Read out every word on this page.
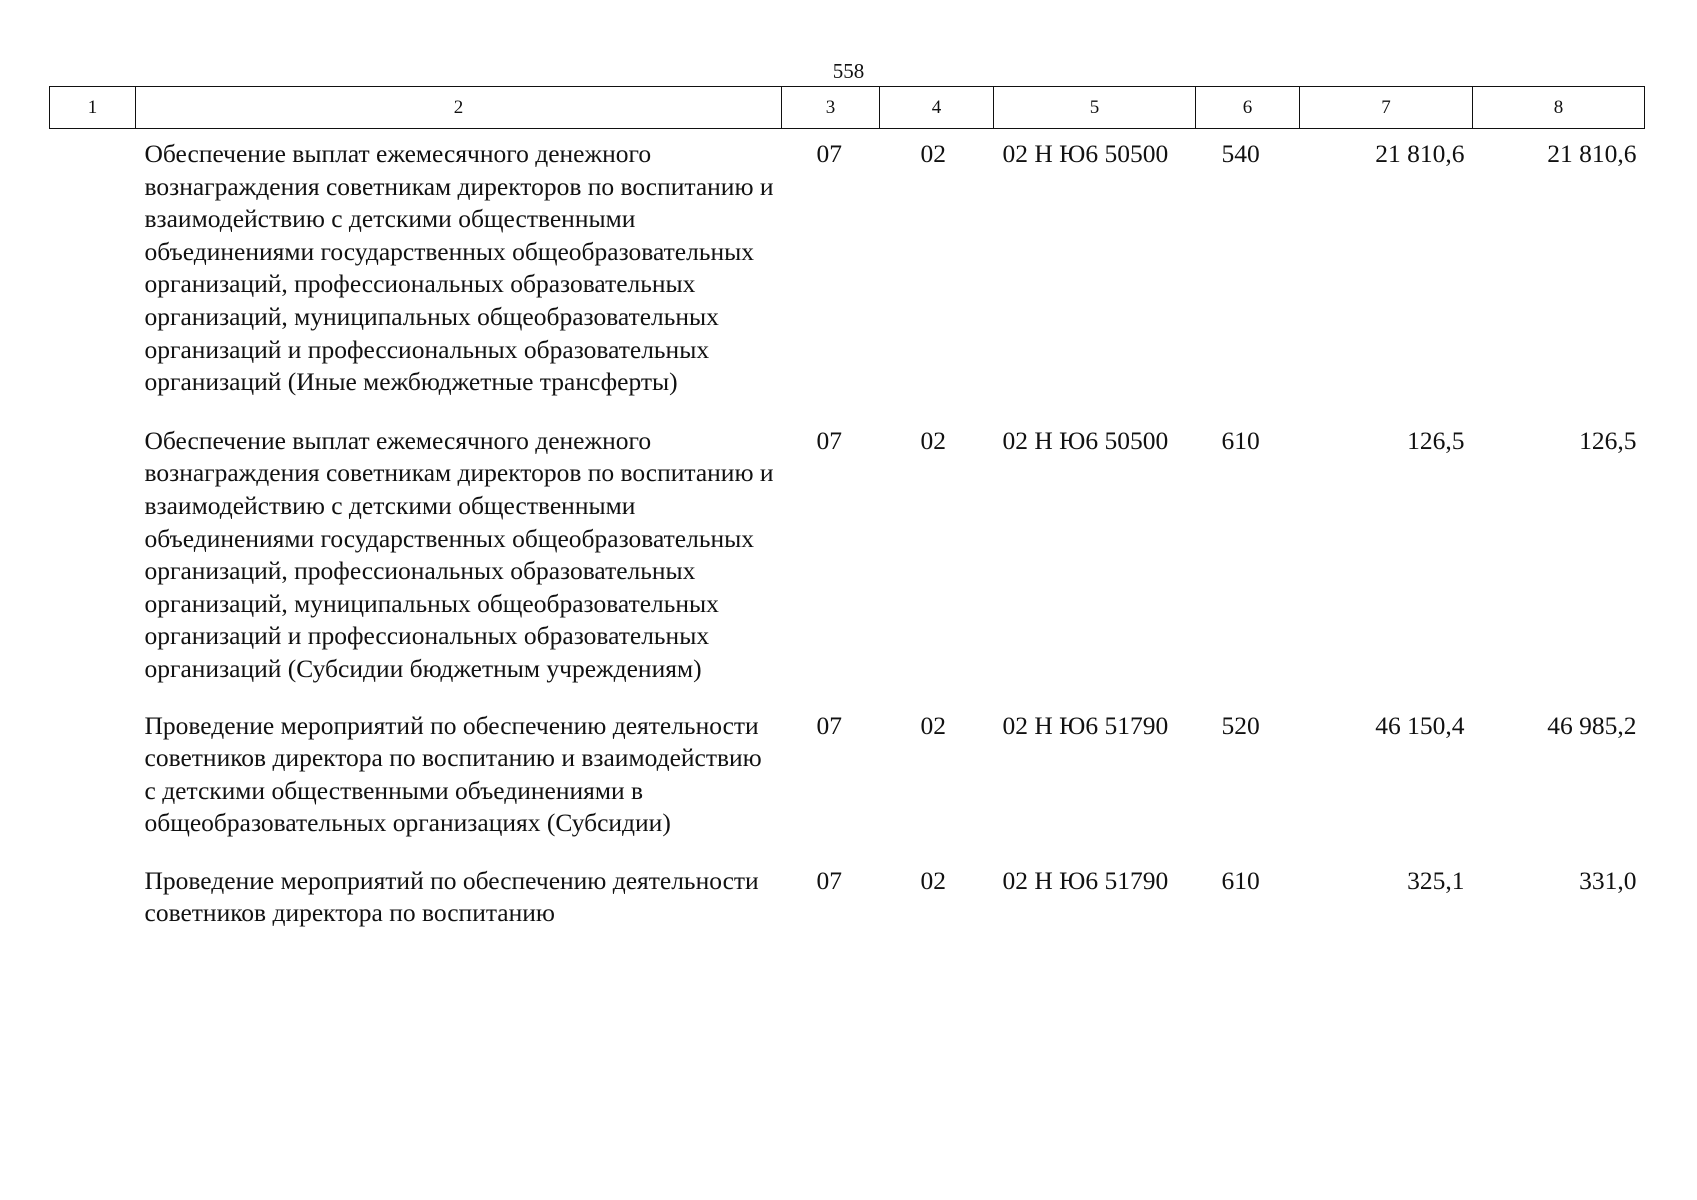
558
1	2	3	4	5	6	7	8
	Обеспечение выплат ежемесячного денежного вознаграждения советникам директоров по воспитанию и взаимодействию с детскими общественными объединениями государственных общеобразовательных организаций, профессиональных образовательных организаций, муниципальных общеобразовательных организаций и профессиональных образовательных организаций (Иные межбюджетные трансферты)	07	02	02 Н Ю6 50500	540	21 810,6	21 810,6
	Обеспечение выплат ежемесячного денежного вознаграждения советникам директоров по воспитанию и взаимодействию с детскими общественными объединениями государственных общеобразовательных организаций, профессиональных образовательных организаций, муниципальных общеобразовательных организаций и профессиональных образовательных организаций (Субсидии бюджетным учреждениям)	07	02	02 Н Ю6 50500	610	126,5	126,5
	Проведение мероприятий по обеспечению деятельности советников директора по воспитанию и взаимодействию с детскими общественными объединениями в общеобразовательных организациях (Субсидии)	07	02	02 Н Ю6 51790	520	46 150,4	46 985,2
	Проведение мероприятий по обеспечению деятельности советников директора по воспитанию	07	02	02 Н Ю6 51790	610	325,1	331,0
